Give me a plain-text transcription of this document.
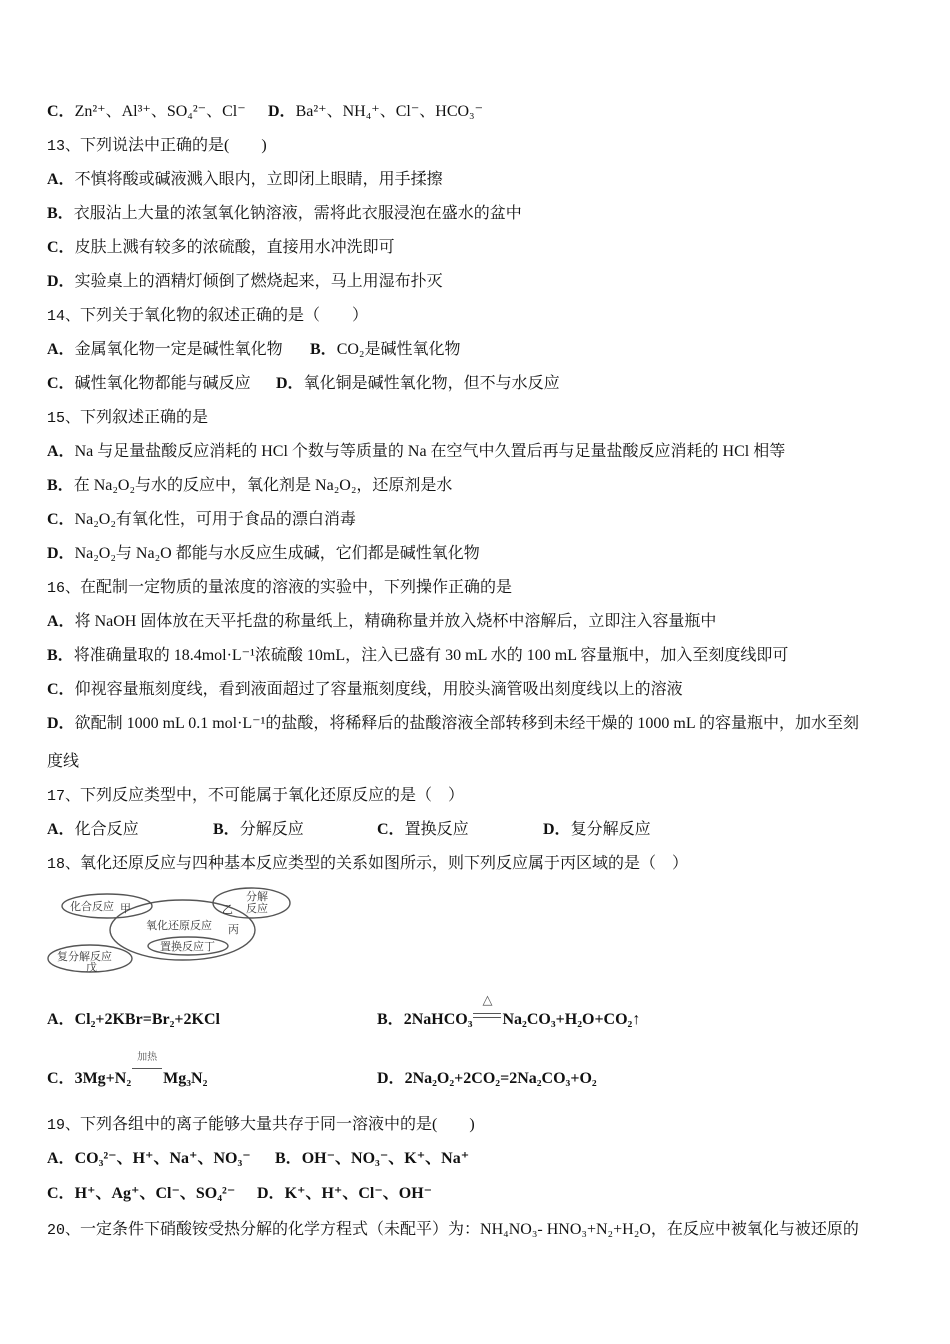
C．Zn²⁺、Al³⁺、SO₄²⁻、Cl⁻ D．Ba²⁺、NH₄⁺、Cl⁻、HCO₃⁻
13、下列说法中正确的是(　　)
A．不慎将酸或碱液溅入眼内，立即闭上眼睛，用手揉擦
B．衣服沾上大量的浓氢氧化钠溶液，需将此衣服浸泡在盛水的盆中
C．皮肤上溅有较多的浓硫酸，直接用水冲洗即可
D．实验桌上的酒精灯倾倒了燃烧起来，马上用湿布扑灭
14、下列关于氧化物的叙述正确的是（　　）
A．金属氧化物一定是碱性氧化物 B．CO₂是碱性氧化物
C．碱性氧化物都能与碱反应 D．氧化铜是碱性氧化物，但不与水反应
15、下列叙述正确的是
A．Na 与足量盐酸反应消耗的 HCl 个数与等质量的 Na 在空气中久置后再与足量盐酸反应消耗的 HCl 相等
B．在 Na₂O₂与水的反应中，氧化剂是 Na₂O₂，还原剂是水
C．Na₂O₂有氧化性，可用于食品的漂白消毒
D．Na₂O₂与 Na₂O 都能与水反应生成碱，它们都是碱性氧化物
16、在配制一定物质的量浓度的溶液的实验中，下列操作正确的是
A．将 NaOH 固体放在天平托盘的称量纸上，精确称量并放入烧杯中溶解后，立即注入容量瓶中
B．将准确量取的 18.4mol·L⁻¹浓硫酸 10mL，注入已盛有 30 mL 水的 100 mL 容量瓶中，加入至刻度线即可
C．仰视容量瓶刻度线，看到液面超过了容量瓶刻度线，用胶头滴管吸出刻度线以上的溶液
D．欲配制 1000 mL 0.1 mol·L⁻¹的盐酸，将稀释后的盐酸溶液全部转移到未经干燥的 1000 mL 的容量瓶中，加水至刻
度线
17、下列反应类型中，不可能属于氧化还原反应的是（　）
A．化合反应	B．分解反应	C．置换反应	D．复分解反应
18、氧化还原反应与四种基本反应类型的关系如图所示，则下列反应属于丙区域的是（　）
化合反应 甲
分解
反应
乙
氧化还原反应 丙
置换反应丁
复分解反应
戊
A．Cl₂+2KBr=Br₂+2KCl	B．2NaHCO₃
△
Na₂CO₃+H₂O+CO₂↑
C．3Mg+N₂
加热
Mg₃N₂	D．2Na₂O₂+2CO₂=2Na₂CO₃+O₂
19、下列各组中的离子能够大量共存于同一溶液中的是(　　)
A．CO₃²⁻、H⁺、Na⁺、NO₃⁻ B．OH⁻、NO₃⁻、K⁺、Na⁺
C．H⁺、Ag⁺、Cl⁻、SO₄²⁻ D．K⁺、H⁺、Cl⁻、OH⁻
20、一定条件下硝酸铵受热分解的化学方程式（未配平）为：NH₄NO₃- HNO₃+N₂+H₂O，在反应中被氧化与被还原的
